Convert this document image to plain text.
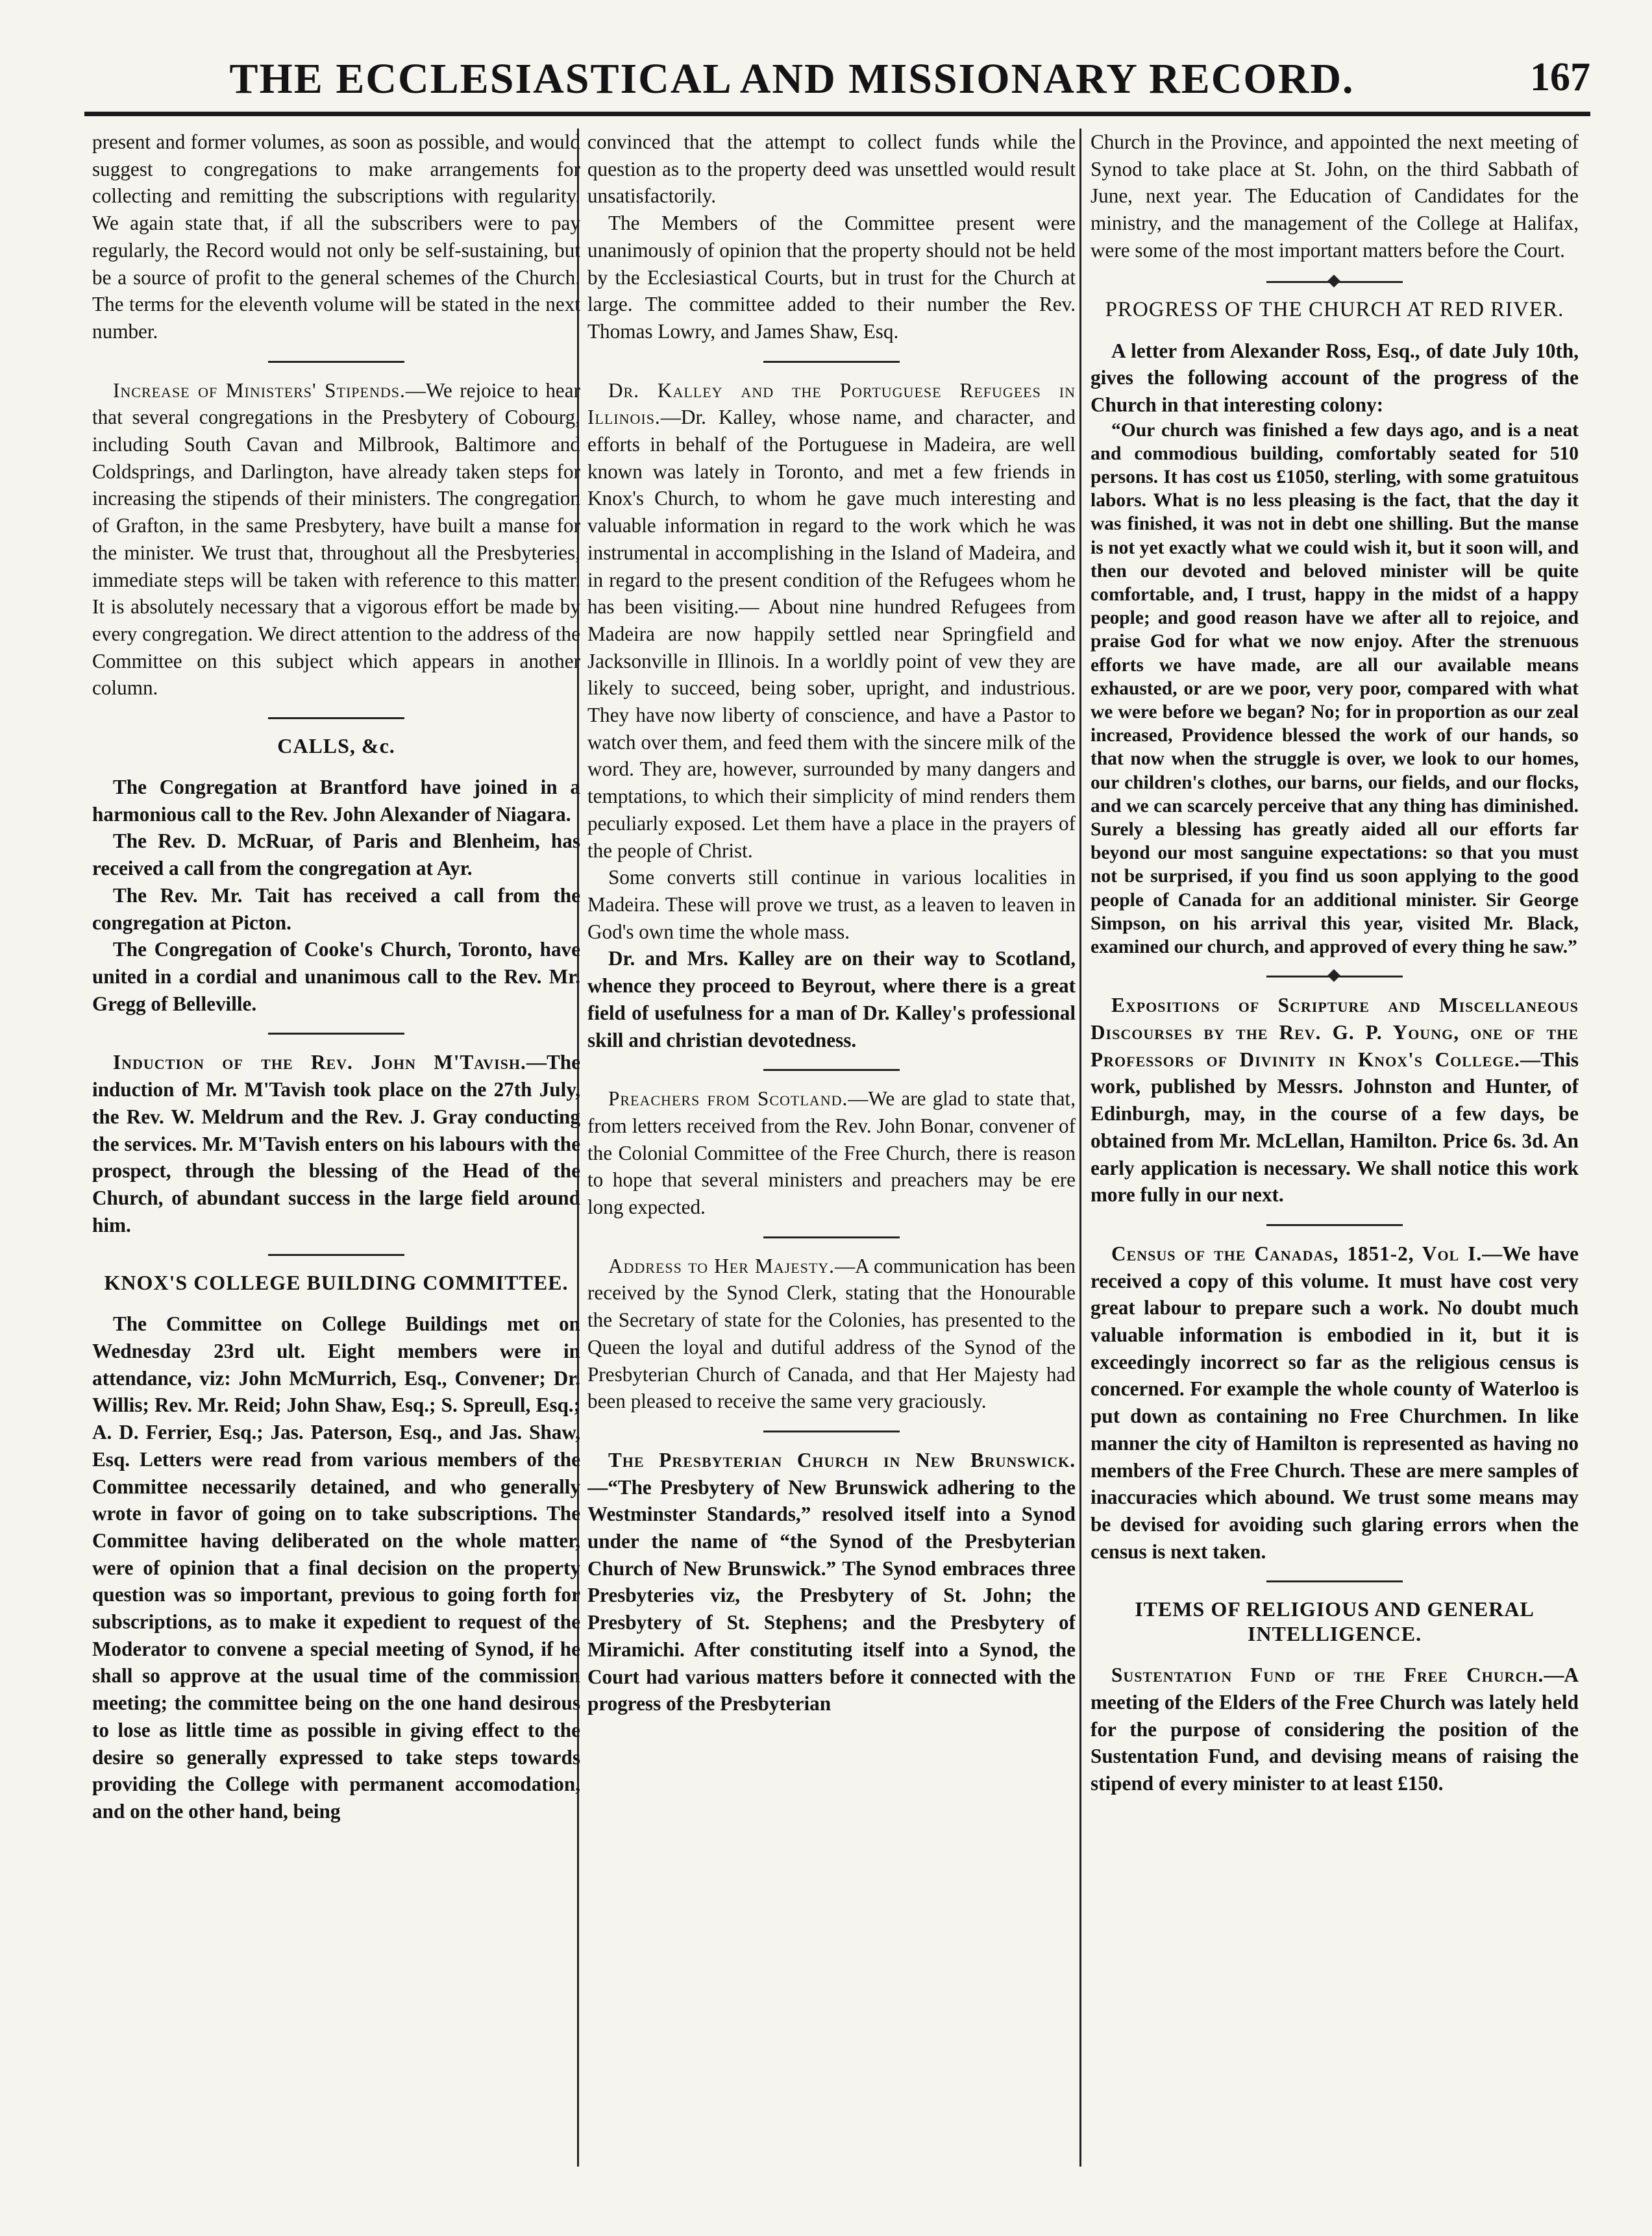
THE ECCLESIASTICAL AND MISSIONARY RECORD.	167

present and former volumes, as soon as possible, and would suggest to congregations to make arrangements for collecting and remitting the subscriptions with regularity. We again state that, if all the subscribers were to pay regularly, the Record would not only be self-sustaining, but be a source of profit to the general schemes of the Church. The terms for the eleventh volume will be stated in the next number.

Increase of Ministers' Stipends.—We rejoice to hear that several congregations in the Presbytery of Cobourg, including South Cavan and Milbrook, Baltimore and Coldsprings, and Darlington, have already taken steps for increasing the stipends of their ministers. The congregation of Grafton, in the same Presbytery, have built a manse for the minister. We trust that, throughout all the Presbyteries, immediate steps will be taken with reference to this matter. It is absolutely necessary that a vigorous effort be made by every congregation. We direct attention to the address of the Committee on this subject which appears in another column.

CALLS, &c.

The Congregation at Brantford have joined in a harmonious call to the Rev. John Alexander of Niagara.

The Rev. D. McRuar, of Paris and Blenheim, has received a call from the congregation at Ayr.

The Rev. Mr. Tait has received a call from the congregation at Picton.

The Congregation of Cooke's Church, Toronto, have united in a cordial and unanimous call to the Rev. Mr. Gregg of Belleville.

Induction of the Rev. John M'Tavish.—The induction of Mr. M'Tavish took place on the 27th July, the Rev. W. Meldrum and the Rev. J. Gray conducting the services. Mr. M'Tavish enters on his labours with the prospect, through the blessing of the Head of the Church, of abundant success in the large field around him.

KNOX'S COLLEGE BUILDING COMMITTEE.

The Committee on College Buildings met on Wednesday 23rd ult. Eight members were in attendance, viz: John McMurrich, Esq., Convener; Dr. Willis; Rev. Mr. Reid; John Shaw, Esq.; S. Spreull, Esq.; A. D. Ferrier, Esq.; Jas. Paterson, Esq., and Jas. Shaw, Esq. Letters were read from various members of the Committee necessarily detained, and who generally wrote in favor of going on to take subscriptions. The Committee having deliberated on the whole matter, were of opinion that a final decision on the property question was so important, previous to going forth for subscriptions, as to make it expedient to request of the Moderator to convene a special meeting of Synod, if he shall so approve at the usual time of the commission meeting; the committee being on the one hand desirous to lose as little time as possible in giving effect to the desire so generally expressed to take steps towards providing the College with permanent accomodation, and on the other hand, being

convinced that the attempt to collect funds while the question as to the property deed was unsettled would result unsatisfactorily.

The Members of the Committee present were unanimously of opinion that the property should not be held by the Ecclesiastical Courts, but in trust for the Church at large. The committee added to their number the Rev. Thomas Lowry, and James Shaw, Esq.

Dr. Kalley and the Portuguese Refugees in Illinois.—Dr. Kalley, whose name, and character, and efforts in behalf of the Portuguese in Madeira, are well known was lately in Toronto, and met a few friends in Knox's Church, to whom he gave much interesting and valuable information in regard to the work which he was instrumental in accomplishing in the Island of Madeira, and in regard to the present condition of the Refugees whom he has been visiting.— About nine hundred Refugees from Madeira are now happily settled near Springfield and Jacksonville in Illinois. In a worldly point of vew they are likely to succeed, being sober, upright, and industrious. They have now liberty of conscience, and have a Pastor to watch over them, and feed them with the sincere milk of the word. They are, however, surrounded by many dangers and temptations, to which their simplicity of mind renders them peculiarly exposed. Let them have a place in the prayers of the people of Christ.

Some converts still continue in various localities in Madeira. These will prove we trust, as a leaven to leaven in God's own time the whole mass.

Dr. and Mrs. Kalley are on their way to Scotland, whence they proceed to Beyrout, where there is a great field of usefulness for a man of Dr. Kalley's professional skill and christian devotedness.

Preachers from Scotland.—We are glad to state that, from letters received from the Rev. John Bonar, convener of the Colonial Committee of the Free Church, there is reason to hope that several ministers and preachers may be ere long expected.

Address to Her Majesty.—A communication has been received by the Synod Clerk, stating that the Honourable the Secretary of state for the Colonies, has presented to the Queen the loyal and dutiful address of the Synod of the Presbyterian Church of Canada, and that Her Majesty had been pleased to receive the same very graciously.

The Presbyterian Church in New Brunswick.—“The Presbytery of New Brunswick adhering to the Westminster Standards,” resolved itself into a Synod under the name of “the Synod of the Presbyterian Church of New Brunswick.” The Synod embraces three Presbyteries viz, the Presbytery of St. John; the Presbytery of St. Stephens; and the Presbytery of Miramichi. After constituting itself into a Synod, the Court had various matters before it connected with the progress of the Presbyterian

Church in the Province, and appointed the next meeting of Synod to take place at St. John, on the third Sabbath of June, next year. The Education of Candidates for the ministry, and the management of the College at Halifax, were some of the most important matters before the Court.

PROGRESS OF THE CHURCH AT RED RIVER.

A letter from Alexander Ross, Esq., of date July 10th, gives the following account of the progress of the Church in that interesting colony:

“Our church was finished a few days ago, and is a neat and commodious building, comfortably seated for 510 persons. It has cost us £1050, sterling, with some gratuitous labors. What is no less pleasing is the fact, that the day it was finished, it was not in debt one shilling. But the manse is not yet exactly what we could wish it, but it soon will, and then our devoted and beloved minister will be quite comfortable, and, I trust, happy in the midst of a happy people; and good reason have we after all to rejoice, and praise God for what we now enjoy. After the strenuous efforts we have made, are all our available means exhausted, or are we poor, very poor, compared with what we were before we began? No; for in proportion as our zeal increased, Providence blessed the work of our hands, so that now when the struggle is over, we look to our homes, our children's clothes, our barns, our fields, and our flocks, and we can scarcely perceive that any thing has diminished. Surely a blessing has greatly aided all our efforts far beyond our most sanguine expectations: so that you must not be surprised, if you find us soon applying to the good people of Canada for an additional minister. Sir George Simpson, on his arrival this year, visited Mr. Black, examined our church, and approved of every thing he saw.”

Expositions of Scripture and Miscellaneous Discourses by the Rev. G. P. Young, one of the Professors of Divinity in Knox's College.—This work, published by Messrs. Johnston and Hunter, of Edinburgh, may, in the course of a few days, be obtained from Mr. McLellan, Hamilton. Price 6s. 3d. An early application is necessary. We shall notice this work more fully in our next.

Census of the Canadas, 1851-2, Vol I.—We have received a copy of this volume. It must have cost very great labour to prepare such a work. No doubt much valuable information is embodied in it, but it is exceedingly incorrect so far as the religious census is concerned. For example the whole county of Waterloo is put down as containing no Free Churchmen. In like manner the city of Hamilton is represented as having no members of the Free Church. These are mere samples of inaccuracies which abound. We trust some means may be devised for avoiding such glaring errors when the census is next taken.

ITEMS OF RELIGIOUS AND GENERAL INTELLIGENCE.

Sustentation Fund of the Free Church.—A meeting of the Elders of the Free Church was lately held for the purpose of considering the position of the Sustentation Fund, and devising means of raising the stipend of every minister to at least £150.
